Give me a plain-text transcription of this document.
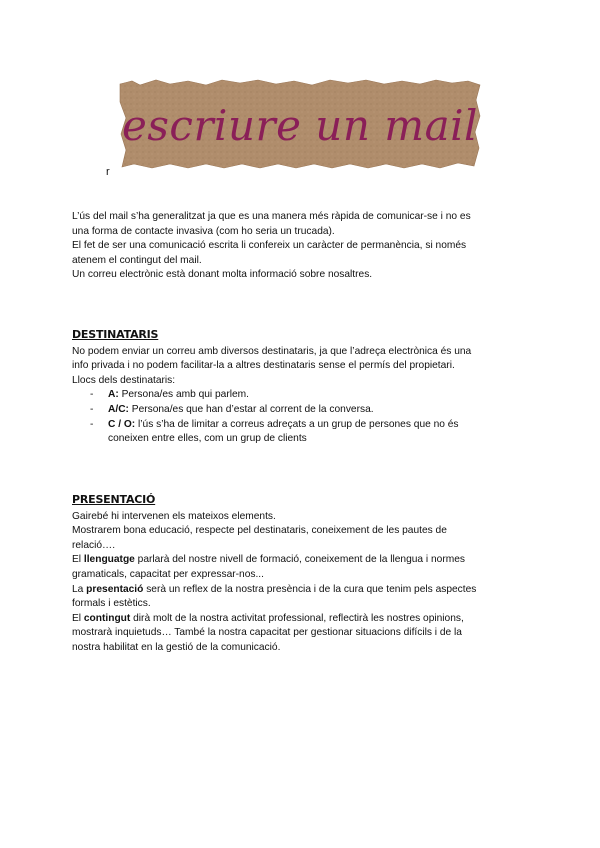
escriure un mail
r

L’ús del mail s’ha generalitzat ja que es una manera més ràpida de comunicar-se i no es

una forma de contacte invasiva (com ho seria un trucada).

El fet de ser una comunicació escrita li confereix un caràcter de permanència, si només

atenem el contingut del mail.

Un correu electrònic està donant molta informació sobre nosaltres.

DESTINATARIS

No podem enviar un correu amb diversos destinataris, ja que l’adreça electrònica és una

info privada i no podem facilitar-la a altres destinataris sense el permís del propietari.

Llocs dels destinataris:

- A: Persona/es amb qui parlem.
- A/C: Persona/es que han d’estar al corrent de la conversa.
- C / O: l’ús s’ha de limitar a correus adreçats a un grup de persones que no és
coneixen entre elles, com un grup de clients
PRESENTACIÓ

Gairebé hi intervenen els mateixos elements.

Mostrarem bona educació, respecte pel destinataris, coneixement de les pautes de

relació….

El llenguatge parlarà del nostre nivell de formació, coneixement de la llengua i normes

gramaticals, capacitat per expressar-nos...

La presentació serà un reflex de la nostra presència i de la cura que tenim pels aspectes

formals i estètics.

El contingut dirà molt de la nostra activitat professional, reflectirà les nostres opinions,

mostrarà inquietuds… També la nostra capacitat per gestionar situacions difícils i de la

nostra habilitat en la gestió de la comunicació.
